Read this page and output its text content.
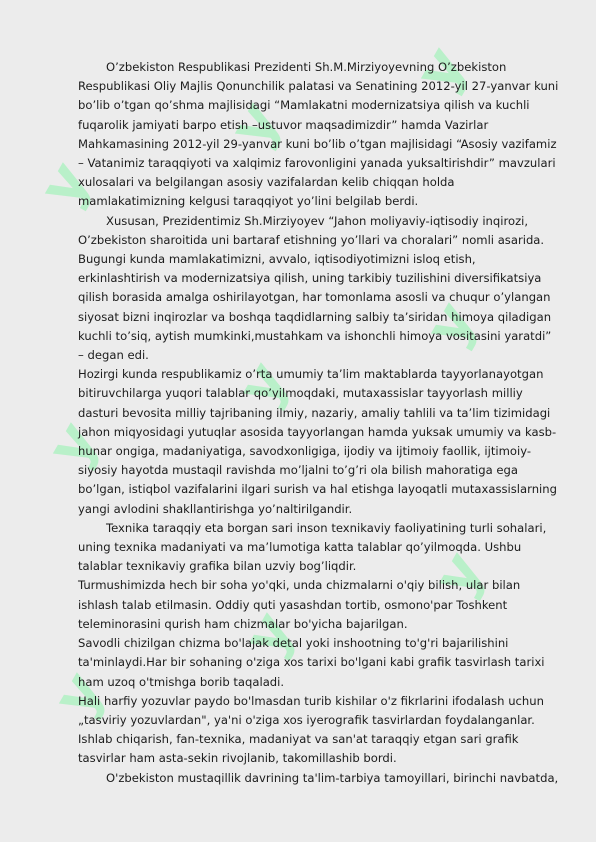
y
y
y
y
y
y
y
y
y

O’zbekiston Respublikasi Prezidenti Sh.M.Mirziyoyevning O’zbekiston Respublikasi Oliy Majlis Qonunchilik palatasi va Senatining 2012-yil 27-yanvar kuni bo’lib o’tgan qo’shma majlisidagi “Mamlakatni modernizatsiya qilish va kuchli fuqarolik jamiyati barpo etish –ustuvor maqsadimizdir” hamda Vazirlar Mahkamasining 2012-yil 29-yanvar kuni bo’lib o’tgan majlisidagi “Asosiy vazifamiz – Vatanimiz taraqqiyoti va xalqimiz farovonligini yanada yuksaltirishdir” mavzulari xulosalari va belgilangan asosiy vazifalardan kelib chiqqan holda mamlakatimizning kelgusi taraqqiyot yo’lini belgilab berdi.

Xususan, Prezidentimiz Sh.Mirziyoyev “Jahon moliyaviy-iqtisodiy inqirozi, O’zbekiston sharoitida uni bartaraf etishning yo’llari va choralari” nomli asarida. Bugungi kunda mamlakatimizni, avvalo, iqtisodiyotimizni isloq etish, erkinlashtirish va modernizatsiya qilish, uning tarkibiy tuzilishini diversifikatsiya qilish borasida amalga oshirilayotgan, har tomonlama asosli va chuqur o’ylangan siyosat bizni inqirozlar va boshqa taqdidlarning salbiy ta’siridan himoya qiladigan kuchli to’siq, aytish mumkinki,mustahkam va ishonchli himoya vositasini yaratdi” – degan edi.

Hozirgi kunda respublikamiz o’rta umumiy ta’lim maktablarda tayyorlanayotgan bitiruvchilarga yuqori talablar qo’yilmoqdaki, mutaxassislar tayyorlash milliy dasturi bevosita milliy tajribaning ilmiy, nazariy, amaliy tahlili va ta’lim tizimidagi jahon miqyosidagi yutuqlar asosida tayyorlangan hamda yuksak umumiy va kasb-hunar ongiga, madaniyatiga, savodxonligiga, ijodiy va ijtimoiy faollik, ijtimoiy-siyosiy hayotda mustaqil ravishda mo’ljalni to’g’ri ola bilish mahoratiga ega bo’lgan, istiqbol vazifalarini ilgari surish va hal etishga layoqatli mutaxassislarning yangi avlodini shakllantirishga yo’naltirilgandir.

Texnika taraqqiy eta borgan sari inson texnikaviy faoliyatining turli sohalari, uning texnika madaniyati va ma’lumotiga katta talablar qo’yilmoqda. Ushbu talablar texnikaviy grafika bilan uzviy bog’liqdir.

Turmushimizda hech bir soha yo'qki, unda chizmalarni o'qiy bilish, ular bilan ishlash talab etilmasin. Oddiy quti yasashdan tortib, osmono'par Toshkent teleminorasini qurish ham chizmalar bo'yicha bajarilgan.

Savodli chizilgan chizma bo'lajak detal yoki inshootning to'g'ri bajarilishini ta'minlaydi.Har bir sohaning o'ziga xos tarixi bo'lgani kabi grafik tasvirlash tarixi ham uzoq o'tmishga borib taqaladi.

Hali harfiy yozuvlar paydo bo'lmasdan turib kishilar o'z fikrlarini ifodalash uchun „tasviriy yozuvlardan", ya'ni o'ziga xos iyerografik tasvirlardan foydalanganlar. Ishlab chiqarish, fan-texnika, madaniyat va san'at taraqqiy etgan sari grafik tasvirlar ham asta-sekin rivojlanib, takomillashib bordi.

O'zbekiston mustaqillik davrining ta'lim-tarbiya tamoyillari, birinchi navbatda,
